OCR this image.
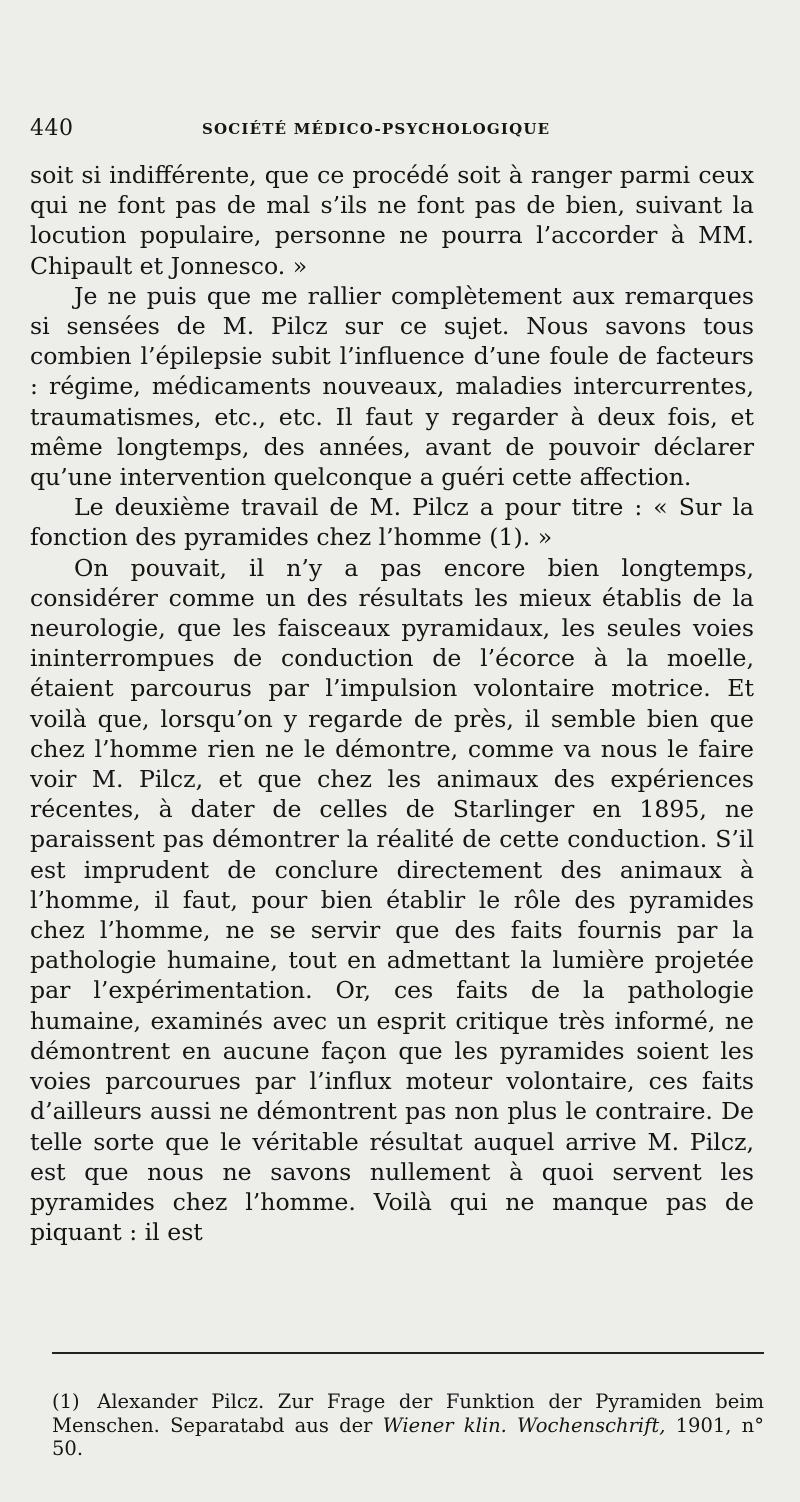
440	SOCIÉTÉ MÉDICO-PSYCHOLOGIQUE

soit si indifférente, que ce procédé soit à ranger parmi ceux qui ne font pas de mal s’ils ne font pas de bien, suivant la locution populaire, personne ne pourra l’accorder à MM. Chipault et Jonnesco. »

Je ne puis que me rallier complètement aux remarques si sensées de M. Pilcz sur ce sujet. Nous savons tous combien l’épilepsie subit l’influence d’une foule de facteurs : régime, médicaments nouveaux, maladies intercurrentes, traumatismes, etc., etc. Il faut y regarder à deux fois, et même longtemps, des années, avant de pouvoir déclarer qu’une intervention quelconque a guéri cette affection.

Le deuxième travail de M. Pilcz a pour titre : « Sur la fonction des pyramides chez l’homme (1). »

On pouvait, il n’y a pas encore bien longtemps, considérer comme un des résultats les mieux établis de la neurologie, que les faisceaux pyramidaux, les seules voies ininterrompues de conduction de l’écorce à la moelle, étaient parcourus par l’impulsion volontaire motrice. Et voilà que, lorsqu’on y regarde de près, il semble bien que chez l’homme rien ne le démontre, comme va nous le faire voir M. Pilcz, et que chez les animaux des expériences récentes, à dater de celles de Starlinger en 1895, ne paraissent pas démontrer la réalité de cette conduction. S’il est imprudent de conclure directement des animaux à l’homme, il faut, pour bien établir le rôle des pyramides chez l’homme, ne se servir que des faits fournis par la pathologie humaine, tout en admettant la lumière projetée par l’expérimentation. Or, ces faits de la pathologie humaine, examinés avec un esprit critique très informé, ne démontrent en aucune façon que les pyramides soient les voies parcourues par l’influx moteur volontaire, ces faits d’ailleurs aussi ne démontrent pas non plus le contraire. De telle sorte que le véritable résultat auquel arrive M. Pilcz, est que nous ne savons nullement à quoi servent les pyramides chez l’homme. Voilà qui ne manque pas de piquant : il est

(1) Alexander Pilcz. Zur Frage der Funktion der Pyramiden beim Menschen. Separatabd aus der Wiener klin. Wochenschrift, 1901, n° 50.
